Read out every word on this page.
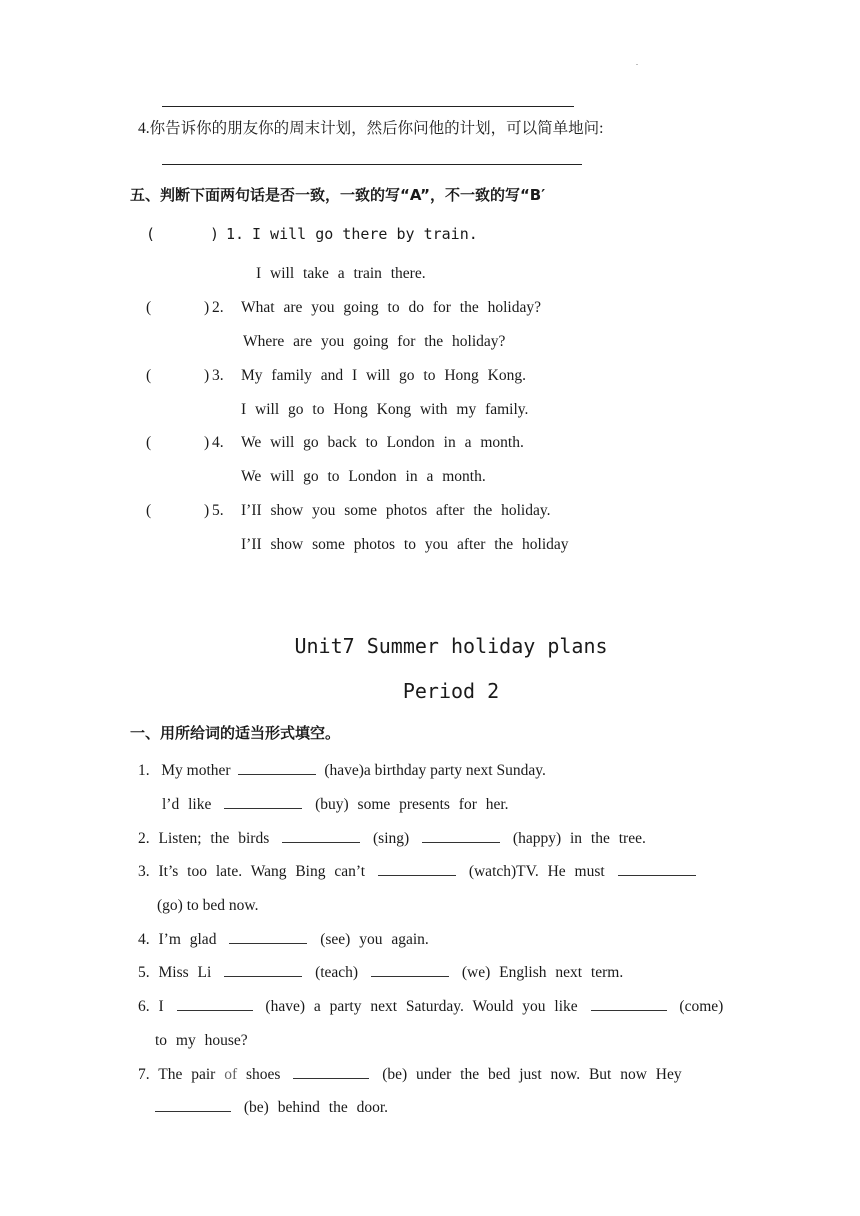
.
4.你告诉你的朋友你的周末计划，然后你问他的计划，可以简单地问:
五、判断下面两句话是否一致，一致的写“A”，不一致的写“B′
(	) 1. I will go there by train.
I will take a train there.
(	) 2. What are you going to do for the holiday?
Where are you going for the holiday?
(	) 3. My family and I will go to Hong Kong.
I will go to Hong Kong with my family.
(	) 4. We will go back to London in a month.
We will go to London in a month.
(	) 5. I’II show you some photos after the holiday.
I’II show some photos to you after the holiday
Unit7 Summer holiday plans
Period 2
一、用所给词的适当形式填空。
1. My mother	(have)a birthday party next Sunday.
l’d like	(buy) some presents for her.
2. Listen; the birds	(sing)	(happy) in the tree.
3. It’s too late. Wang Bing can’t	(watch)TV. He must
(go) to bed now.
4. I’m glad	(see) you again.
5. Miss Li	(teach)	(we) English next term.
6. I	(have) a party next Saturday. Would you like	(come)
to my house?
7. The pair of shoes	(be) under the bed just now. But now Hey
(be) behind the door.
